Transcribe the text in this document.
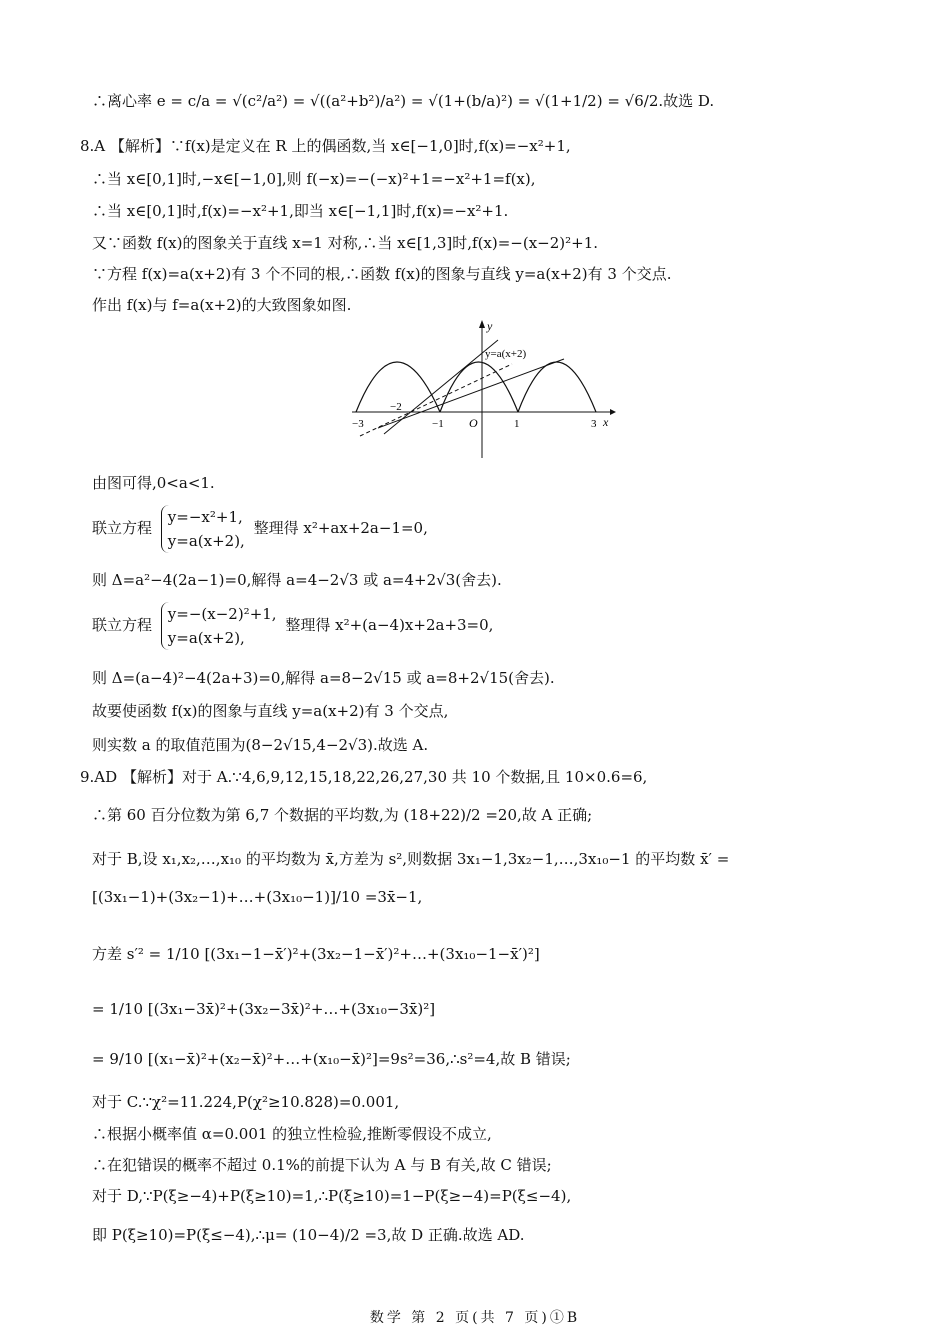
∴离心率 e = c/a = √(c²/a²) = √((a²+b²)/a²) = √(1+(b/a)²) = √(1+1/2) = √6/2.故选 D.
8.A 【解析】∵f(x)是定义在 R 上的偶函数,当 x∈[−1,0]时,f(x)=−x²+1,
∴当 x∈[0,1]时,−x∈[−1,0],则 f(−x)=−(−x)²+1=−x²+1=f(x),
∴当 x∈[0,1]时,f(x)=−x²+1,即当 x∈[−1,1]时,f(x)=−x²+1.
又∵函数 f(x)的图象关于直线 x=1 对称,∴当 x∈[1,3]时,f(x)=−(x−2)²+1.
∵方程 f(x)=a(x+2)有 3 个不同的根,∴函数 f(x)的图象与直线 y=a(x+2)有 3 个交点.
作出 f(x)与 f=a(x+2)的大致图象如图.
y
x
O
y=a(x+2)
−3
−2
−1	1	3
由图可得,0<a<1.
联立方程
y=−x²+1,
y=a(x+2),
整理得 x²+ax+2a−1=0,
则 Δ=a²−4(2a−1)=0,解得 a=4−2√3 或 a=4+2√3(舍去).
联立方程
y=−(x−2)²+1,
y=a(x+2),
整理得 x²+(a−4)x+2a+3=0,
则 Δ=(a−4)²−4(2a+3)=0,解得 a=8−2√15 或 a=8+2√15(舍去).
故要使函数 f(x)的图象与直线 y=a(x+2)有 3 个交点,
则实数 a 的取值范围为(8−2√15,4−2√3).故选 A.
9.AD 【解析】对于 A.∵4,6,9,12,15,18,22,26,27,30 共 10 个数据,且 10×0.6=6,
∴第 60 百分位数为第 6,7 个数据的平均数,为 (18+22)/2 =20,故 A 正确;
对于 B,设 x₁,x₂,…,x₁₀ 的平均数为 x̄,方差为 s²,则数据 3x₁−1,3x₂−1,…,3x₁₀−1 的平均数 x̄′ =
[(3x₁−1)+(3x₂−1)+…+(3x₁₀−1)]/10 =3x̄−1,
方差 s′² = 1/10 [(3x₁−1−x̄′)²+(3x₂−1−x̄′)²+…+(3x₁₀−1−x̄′)²]
= 1/10 [(3x₁−3x̄)²+(3x₂−3x̄)²+…+(3x₁₀−3x̄)²]
= 9/10 [(x₁−x̄)²+(x₂−x̄)²+…+(x₁₀−x̄)²]=9s²=36,∴s²=4,故 B 错误;
对于 C.∵χ²=11.224,P(χ²≥10.828)=0.001,
∴根据小概率值 α=0.001 的独立性检验,推断零假设不成立,
∴在犯错误的概率不超过 0.1%的前提下认为 A 与 B 有关,故 C 错误;
对于 D,∵P(ξ≥−4)+P(ξ≥10)=1,∴P(ξ≥10)=1−P(ξ≥−4)=P(ξ≤−4),
即 P(ξ≥10)=P(ξ≤−4),∴μ= (10−4)/2 =3,故 D 正确.故选 AD.
数学 第 2 页(共 7 页)①B
